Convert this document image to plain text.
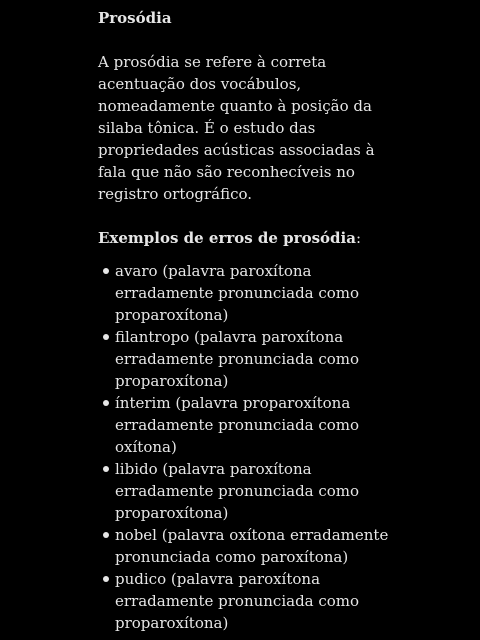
Prosódia

A prosódia se refere à correta acentuação dos vocábulos, nomeadamente quanto à posição da silaba tônica. É o estudo das propriedades acústicas associadas à fala que não são reconhecíveis no registro ortográfico.

Exemplos de erros de prosódia:
avaro (palavra paroxítona erradamente pronunciada como proparoxítona)
filantropo (palavra paroxítona erradamente pronunciada como proparoxítona)
ínterim (palavra proparoxítona erradamente pronunciada como oxítona)
libido (palavra paroxítona erradamente pronunciada como proparoxítona)
nobel (palavra oxítona erradamente pronunciada como paroxítona)
pudico (palavra paroxítona erradamente pronunciada como proparoxítona)
